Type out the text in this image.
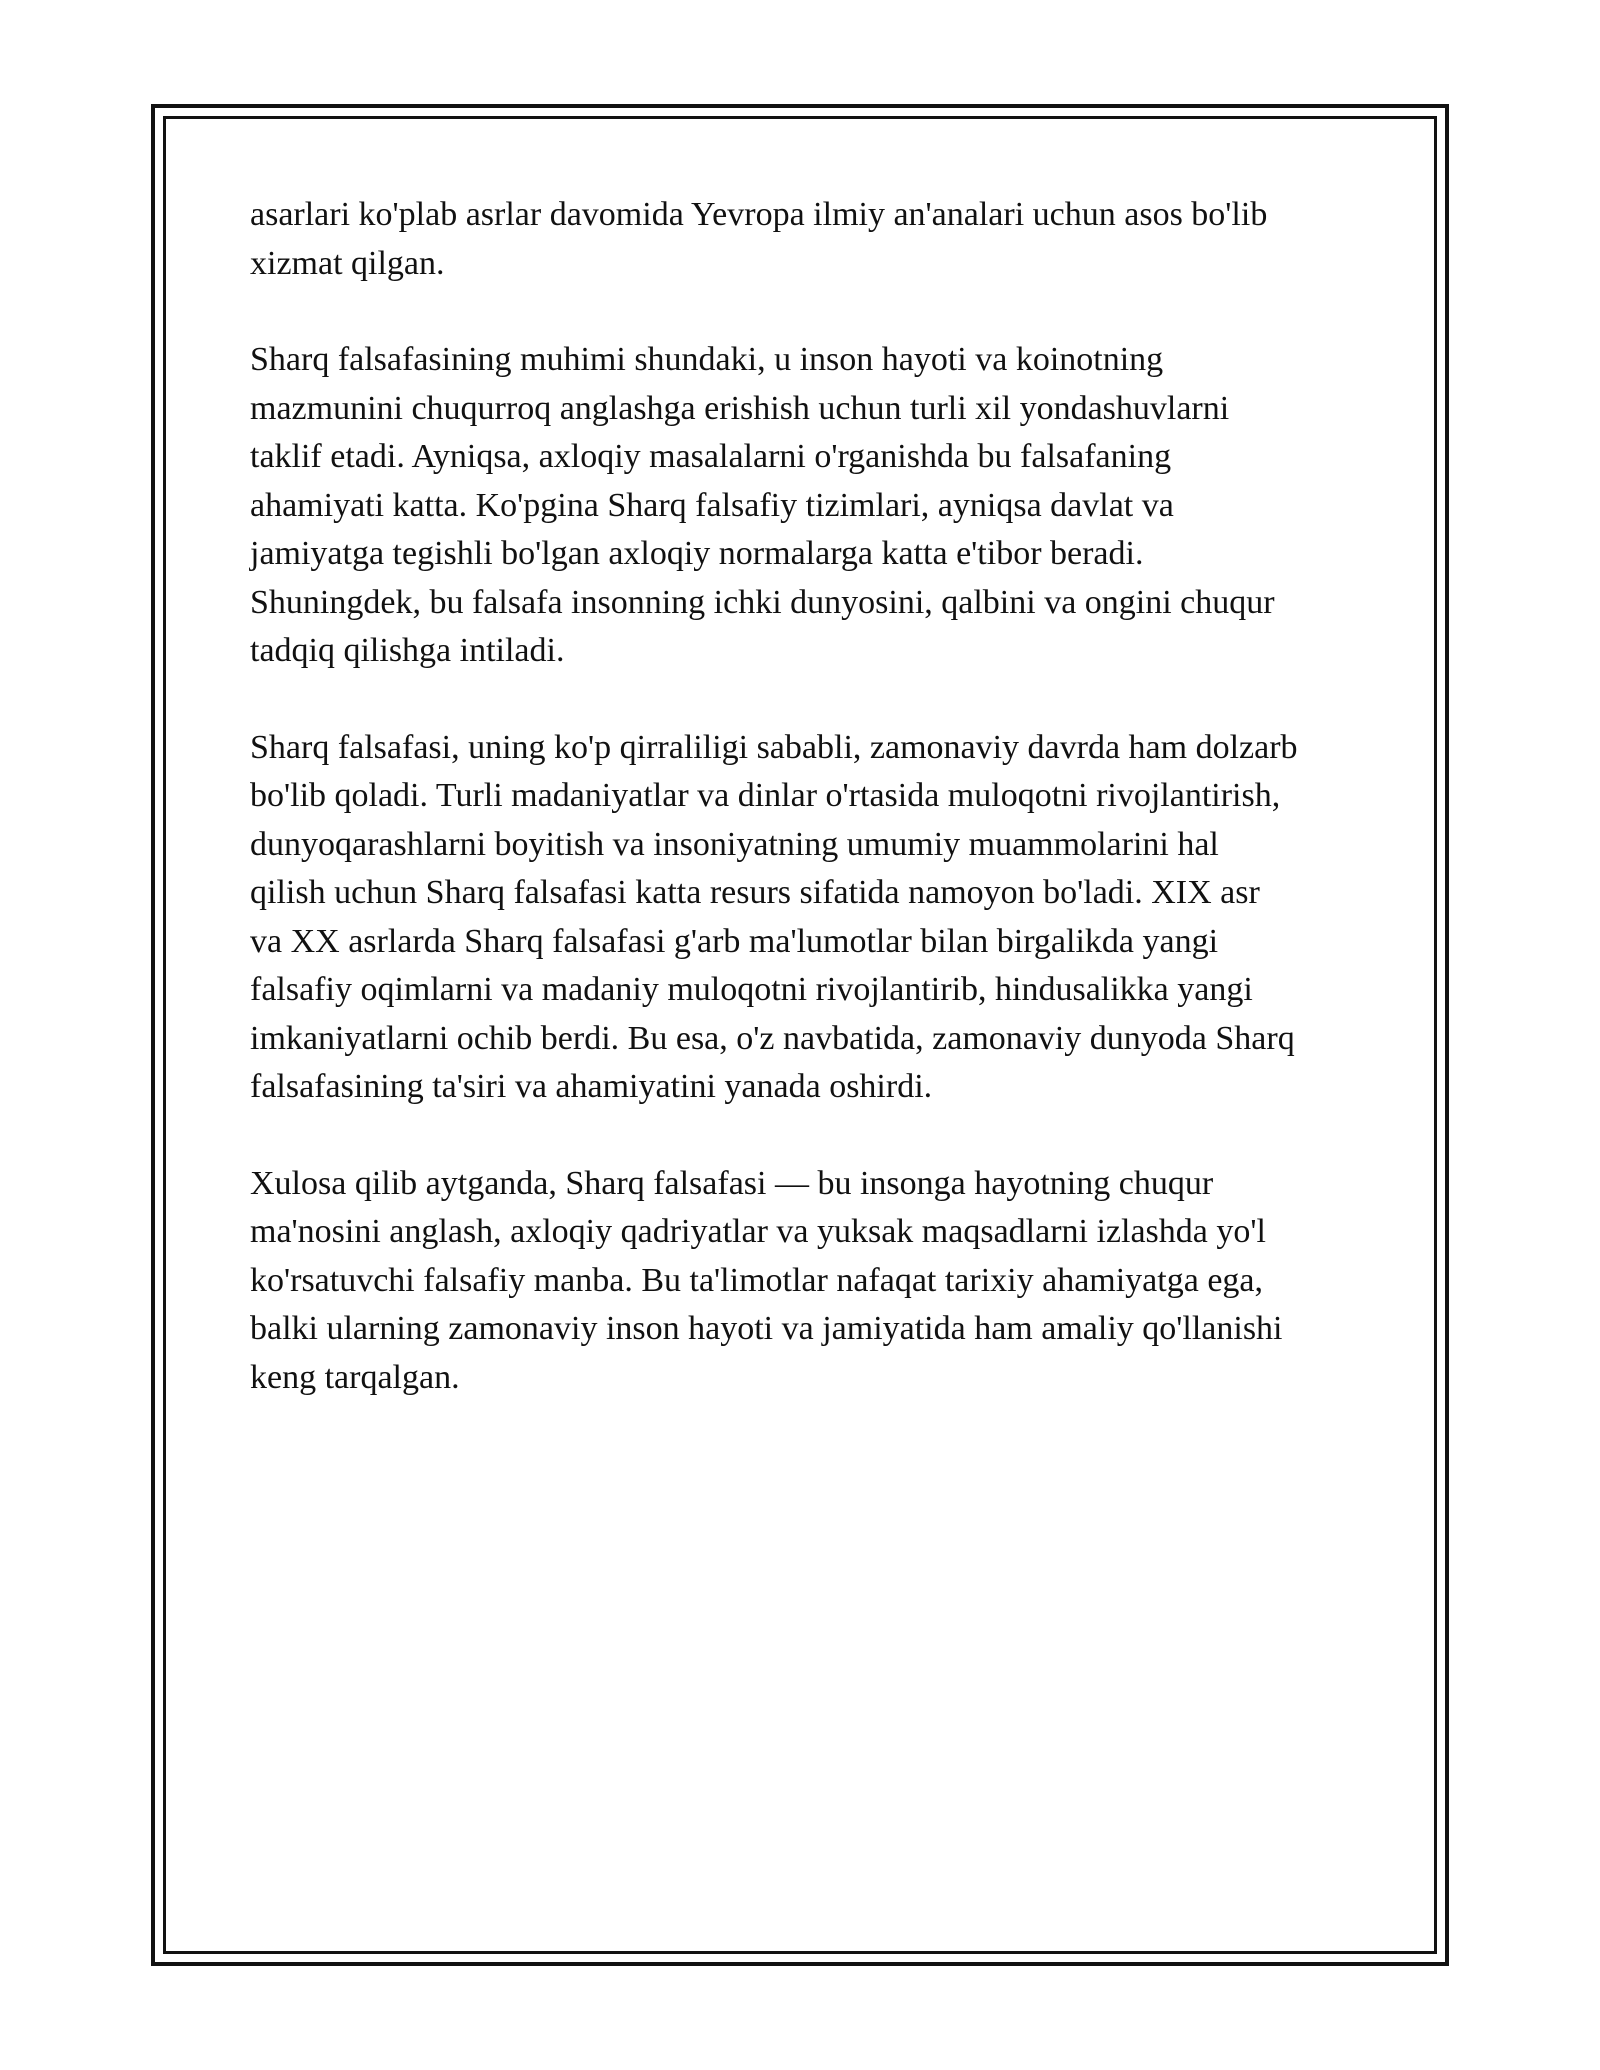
asarlari ko'plab asrlar davomida Yevropa ilmiy an'analari uchun asos bo'lib
xizmat qilgan.

Sharq falsafasining muhimi shundaki, u inson hayoti va koinotning
mazmunini chuqurroq anglashga erishish uchun turli xil yondashuvlarni
taklif etadi. Ayniqsa, axloqiy masalalarni o'rganishda bu falsafaning
ahamiyati katta. Ko'pgina Sharq falsafiy tizimlari, ayniqsa davlat va
jamiyatga tegishli bo'lgan axloqiy normalarga katta e'tibor beradi.
Shuningdek, bu falsafa insonning ichki dunyosini, qalbini va ongini chuqur
tadqiq qilishga intiladi.

Sharq falsafasi, uning ko'p qirraliligi sababli, zamonaviy davrda ham dolzarb
bo'lib qoladi. Turli madaniyatlar va dinlar o'rtasida muloqotni rivojlantirish,
dunyoqarashlarni boyitish va insoniyatning umumiy muammolarini hal
qilish uchun Sharq falsafasi katta resurs sifatida namoyon bo'ladi. XIX asr
va XX asrlarda Sharq falsafasi g'arb ma'lumotlar bilan birgalikda yangi
falsafiy oqimlarni va madaniy muloqotni rivojlantirib, hindusalikka yangi
imkaniyatlarni ochib berdi. Bu esa, o'z navbatida, zamonaviy dunyoda Sharq
falsafasining ta'siri va ahamiyatini yanada oshirdi.

Xulosa qilib aytganda, Sharq falsafasi — bu insonga hayotning chuqur
ma'nosini anglash, axloqiy qadriyatlar va yuksak maqsadlarni izlashda yo'l
ko'rsatuvchi falsafiy manba. Bu ta'limotlar nafaqat tarixiy ahamiyatga ega,
balki ularning zamonaviy inson hayoti va jamiyatida ham amaliy qo'llanishi
keng tarqalgan.
